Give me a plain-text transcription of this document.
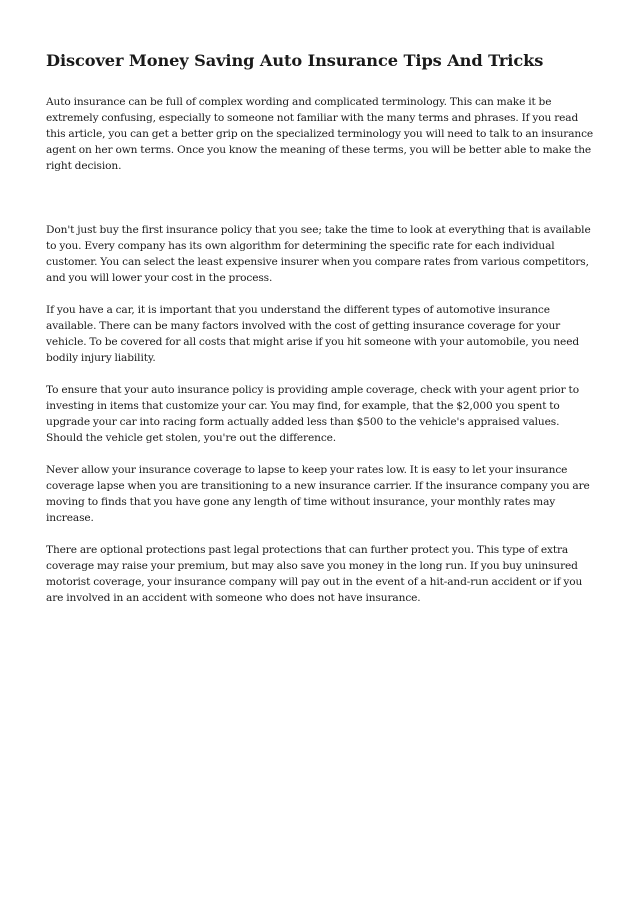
Discover Money Saving Auto Insurance Tips And Tricks

Auto insurance can be full of complex wording and complicated terminology. This can make it be extremely confusing, especially to someone not familiar with the many terms and phrases. If you read this article, you can get a better grip on the specialized terminology you will need to talk to an insurance agent on her own terms. Once you know the meaning of these terms, you will be better able to make the right decision.

Don't just buy the first insurance policy that you see; take the time to look at everything that is available to you. Every company has its own algorithm for determining the specific rate for each individual customer. You can select the least expensive insurer when you compare rates from various competitors, and you will lower your cost in the process.

If you have a car, it is important that you understand the different types of automotive insurance available. There can be many factors involved with the cost of getting insurance coverage for your vehicle. To be covered for all costs that might arise if you hit someone with your automobile, you need bodily injury liability.

To ensure that your auto insurance policy is providing ample coverage, check with your agent prior to investing in items that customize your car. You may find, for example, that the $2,000 you spent to upgrade your car into racing form actually added less than $500 to the vehicle's appraised values. Should the vehicle get stolen, you're out the difference.

Never allow your insurance coverage to lapse to keep your rates low. It is easy to let your insurance coverage lapse when you are transitioning to a new insurance carrier. If the insurance company you are moving to finds that you have gone any length of time without insurance, your monthly rates may increase.

There are optional protections past legal protections that can further protect you. This type of extra coverage may raise your premium, but may also save you money in the long run. If you buy uninsured motorist coverage, your insurance company will pay out in the event of a hit-and-run accident or if you are involved in an accident with someone who does not have insurance.
